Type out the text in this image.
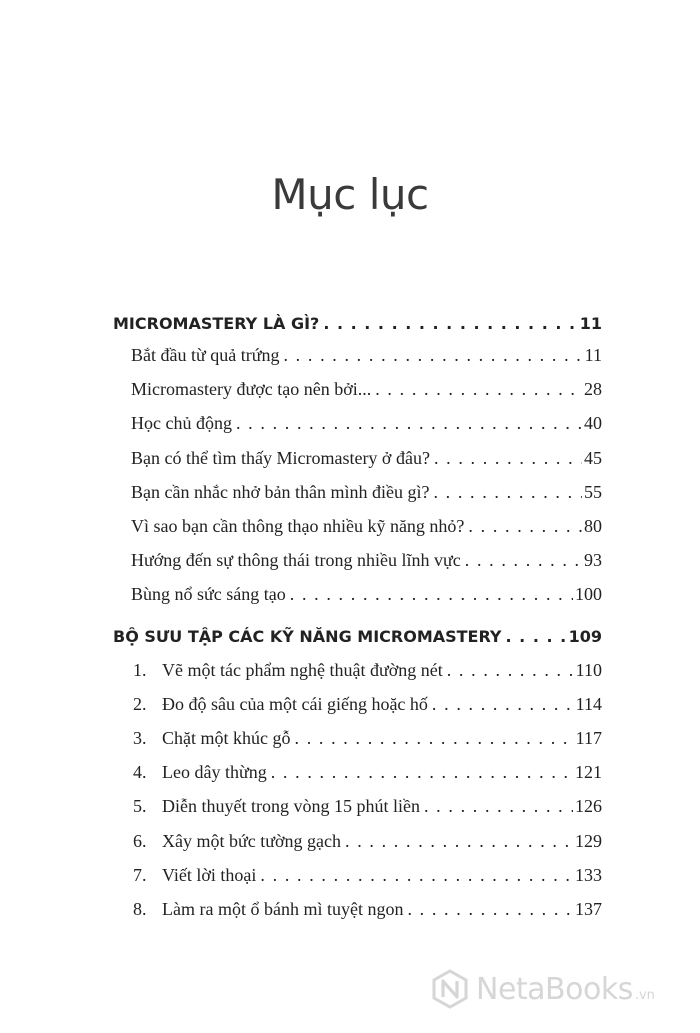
Mục lục
MICROMASTERY LÀ GÌ? . . .	11
Bắt đầu từ quả trứng . . .	11
Micromastery được tạo nên bởi... . . .	28
Học chủ động . . .	40
Bạn có thể tìm thấy Micromastery ở đâu? . . .	45
Bạn cần nhắc nhở bản thân mình điều gì? . . .	55
Vì sao bạn cần thông thạo nhiều kỹ năng nhỏ? . . .	80
Hướng đến sự thông thái trong nhiều lĩnh vực . . .	93
Bùng nổ sức sáng tạo . . .	100
BỘ SƯU TẬP CÁC KỸ NĂNG MICROMASTERY . . .	109
1. Vẽ một tác phẩm nghệ thuật đường nét . . .	110
2. Đo độ sâu của một cái giếng hoặc hố . . .	114
3. Chặt một khúc gỗ . . .	117
4. Leo dây thừng . . .	121
5. Diễn thuyết trong vòng 15 phút liền . . .	126
6. Xây một bức tường gạch . . .	129
7. Viết lời thoại . . .	133
8. Làm ra một ổ bánh mì tuyệt ngon . . .	137
NetaBooks .vn
